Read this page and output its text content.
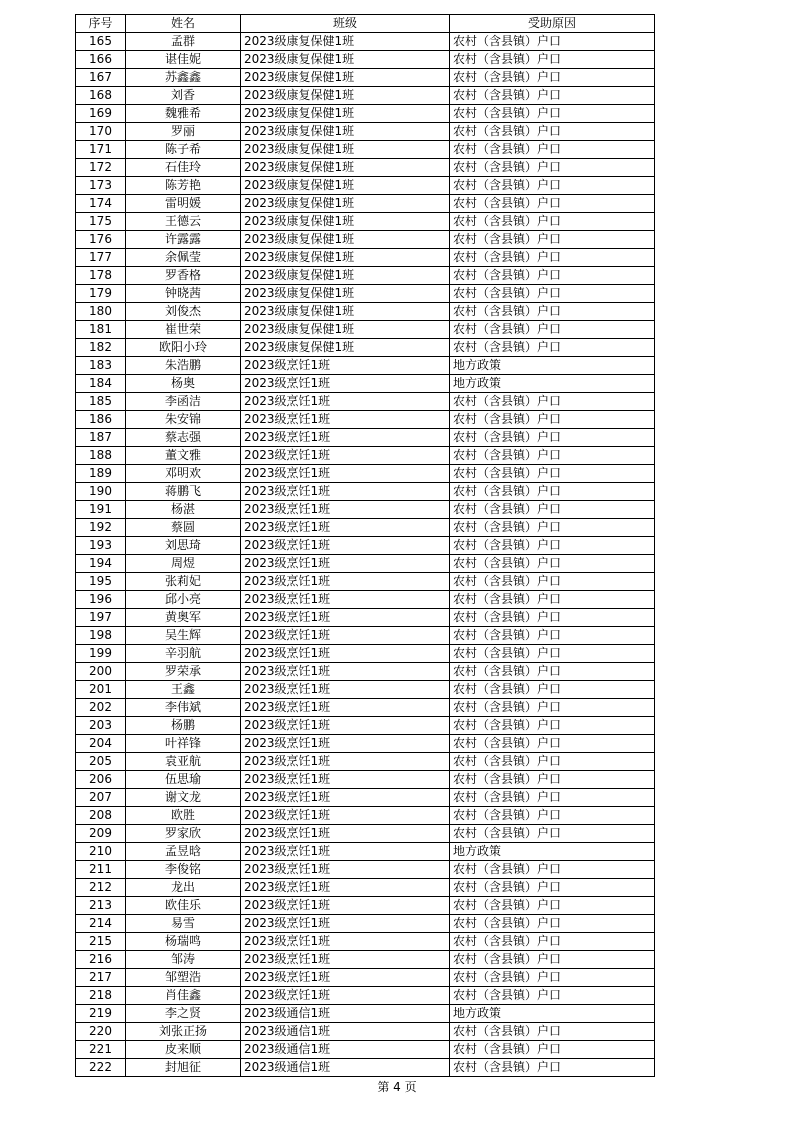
序号	姓名	班级	受助原因
165	孟群	2023级康复保健1班	农村（含县镇）户口
166	谌佳妮	2023级康复保健1班	农村（含县镇）户口
167	苏鑫鑫	2023级康复保健1班	农村（含县镇）户口
168	刘香	2023级康复保健1班	农村（含县镇）户口
169	魏雅希	2023级康复保健1班	农村（含县镇）户口
170	罗丽	2023级康复保健1班	农村（含县镇）户口
171	陈子希	2023级康复保健1班	农村（含县镇）户口
172	石佳玲	2023级康复保健1班	农村（含县镇）户口
173	陈芳艳	2023级康复保健1班	农村（含县镇）户口
174	雷明媛	2023级康复保健1班	农村（含县镇）户口
175	王德云	2023级康复保健1班	农村（含县镇）户口
176	许露露	2023级康复保健1班	农村（含县镇）户口
177	余佩莹	2023级康复保健1班	农村（含县镇）户口
178	罗香格	2023级康复保健1班	农村（含县镇）户口
179	钟晓茜	2023级康复保健1班	农村（含县镇）户口
180	刘俊杰	2023级康复保健1班	农村（含县镇）户口
181	崔世荣	2023级康复保健1班	农村（含县镇）户口
182	欧阳小玲	2023级康复保健1班	农村（含县镇）户口
183	朱浩鹏	2023级烹饪1班	地方政策
184	杨奥	2023级烹饪1班	地方政策
185	李函洁	2023级烹饪1班	农村（含县镇）户口
186	朱安锦	2023级烹饪1班	农村（含县镇）户口
187	蔡志强	2023级烹饪1班	农村（含县镇）户口
188	董文雅	2023级烹饪1班	农村（含县镇）户口
189	邓明欢	2023级烹饪1班	农村（含县镇）户口
190	蒋鹏飞	2023级烹饪1班	农村（含县镇）户口
191	杨湛	2023级烹饪1班	农村（含县镇）户口
192	蔡圆	2023级烹饪1班	农村（含县镇）户口
193	刘思琦	2023级烹饪1班	农村（含县镇）户口
194	周煜	2023级烹饪1班	农村（含县镇）户口
195	张莉妃	2023级烹饪1班	农村（含县镇）户口
196	邱小亮	2023级烹饪1班	农村（含县镇）户口
197	黄奥军	2023级烹饪1班	农村（含县镇）户口
198	吴生辉	2023级烹饪1班	农村（含县镇）户口
199	辛羽航	2023级烹饪1班	农村（含县镇）户口
200	罗荣承	2023级烹饪1班	农村（含县镇）户口
201	王鑫	2023级烹饪1班	农村（含县镇）户口
202	李伟斌	2023级烹饪1班	农村（含县镇）户口
203	杨鹏	2023级烹饪1班	农村（含县镇）户口
204	叶祥锋	2023级烹饪1班	农村（含县镇）户口
205	袁亚航	2023级烹饪1班	农村（含县镇）户口
206	伍思瑜	2023级烹饪1班	农村（含县镇）户口
207	谢文龙	2023级烹饪1班	农村（含县镇）户口
208	欧胜	2023级烹饪1班	农村（含县镇）户口
209	罗家欣	2023级烹饪1班	农村（含县镇）户口
210	孟昱晗	2023级烹饪1班	地方政策
211	李俊铭	2023级烹饪1班	农村（含县镇）户口
212	龙出	2023级烹饪1班	农村（含县镇）户口
213	欧佳乐	2023级烹饪1班	农村（含县镇）户口
214	易雪	2023级烹饪1班	农村（含县镇）户口
215	杨瑞鸣	2023级烹饪1班	农村（含县镇）户口
216	邹涛	2023级烹饪1班	农村（含县镇）户口
217	邹塑浩	2023级烹饪1班	农村（含县镇）户口
218	肖佳鑫	2023级烹饪1班	农村（含县镇）户口
219	李之贤	2023级通信1班	地方政策
220	刘张正扬	2023级通信1班	农村（含县镇）户口
221	皮来顺	2023级通信1班	农村（含县镇）户口
222	封旭征	2023级通信1班	农村（含县镇）户口
第 4 页
